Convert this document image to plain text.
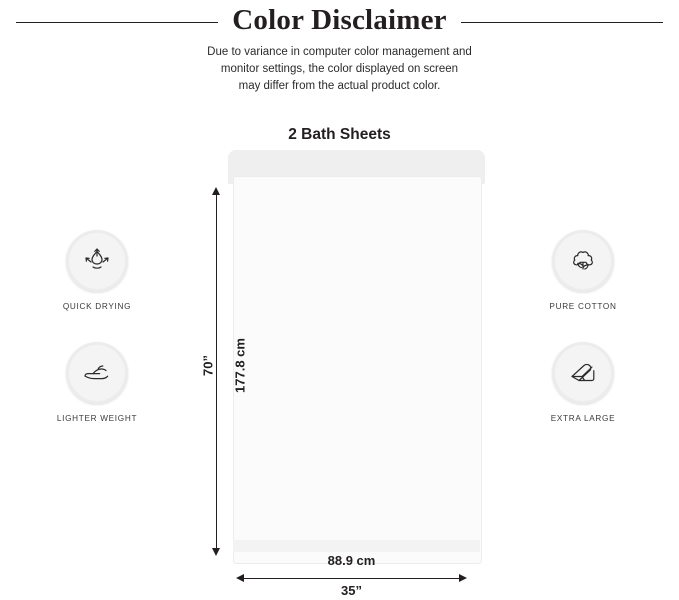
Color Disclaimer
Due to variance in computer color management and
monitor settings, the color displayed on screen
may differ from the actual product color.
2 Bath Sheets
70” 177.8 cm
88.9 cm
35”
QUICK DRYING
LIGHTER WEIGHT
PURE COTTON
EXTRA LARGE
